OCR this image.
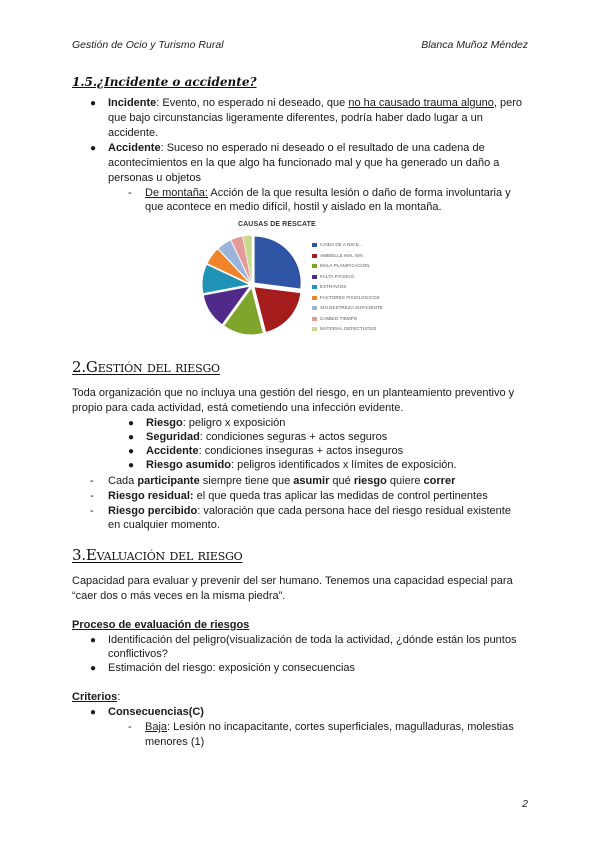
Gestión de Ocio y Turismo Rural	Blanca Muñoz Méndez
1.5.¿Incidente o accidente?
● Incidente: Evento, no esperado ni deseado, que no ha causado trauma alguno, pero
que bajo circunstancias ligeramente diferentes, podría haber dado lugar a un
accidente.
● Accidente: Suceso no esperado ni deseado o el resultado de una cadena de
acontecimientos en la que algo ha funcionado mal y que ha generado un daño a
personas u objetos
- De montaña: Acción de la que resulta lesión o daño de forma involuntaria y
que acontece en medio difícil, hostil y aislado en la montaña.
CAUSAS DE RESCATE
CAIDA DE A NIV.E...
AMBIELLE MAL SIN
MALA PLANIFICACION
FALTA P.FISICO
EXTRAVIOS
FACTORES FISIOLOGICOS
SIN DESTREZA SUFICIENTE
CAMBIO TIEMPO
MATERIAL DEFECTUOSO
2.Gestión del riesgo
Toda organización que no incluya una gestión del riesgo, en un planteamiento preventivo y
propio para cada actividad, está cometiendo una infección evidente.
● Riesgo: peligro x exposición
● Seguridad: condiciones seguras + actos seguros
● Accidente: condiciones inseguras + actos inseguros
● Riesgo asumido: peligros identificados x límites de exposición.
- Cada participante siempre tiene que asumir qué riesgo quiere correr
- Riesgo residual: el que queda tras aplicar las medidas de control pertinentes
- Riesgo percibido: valoración que cada persona hace del riesgo residual existente
en cualquier momento.
3.Evaluación del riesgo
Capacidad para evaluar y prevenir del ser humano. Tenemos una capacidad especial para
“caer dos o más veces en la misma piedra”.
Proceso de evaluación de riesgos
● Identificación del peligro(visualización de toda la actividad, ¿dónde están los puntos
conflictivos?
● Estimación del riesgo: exposición y consecuencias
Criterios:
● Consecuencias(C)
- Baja: Lesión no incapacitante, cortes superficiales, magulladuras, molestias
menores (1)
2
